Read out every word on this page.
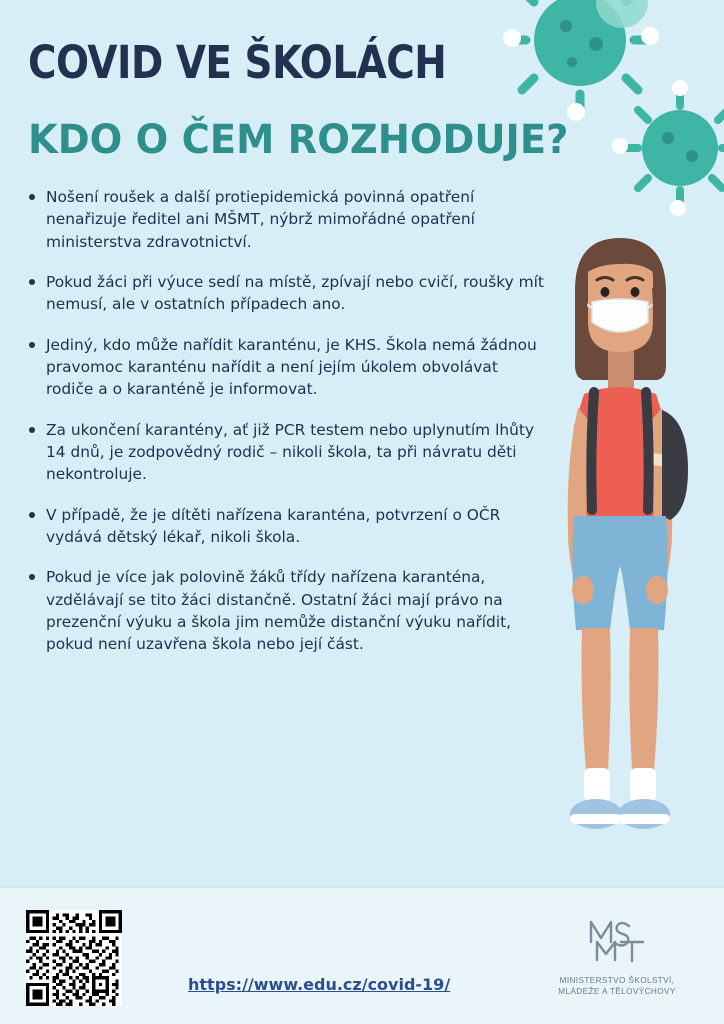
COVID VE ŠKOLÁCH
KDO O ČEM ROZHODUJE?
Nošení roušek a další protiepidemická povinná opatření nenařizuje ředitel ani MŠMT, nýbrž mimořádné opatření ministerstva zdravotnictví.
Pokud žáci při výuce sedí na místě, zpívají nebo cvičí, roušky mít nemusí, ale v ostatních případech ano.
Jediný, kdo může nařídit karanténu, je KHS. Škola nemá žádnou pravomoc karanténu nařídit a není jejím úkolem obvolávat rodiče a o karanténě je informovat.
Za ukončení karantény, ať již PCR testem nebo uplynutím lhůty 14 dnů, je zodpovědný rodič – nikoli škola, ta při návratu děti nekontroluje.
V případě, že je dítěti nařízena karanténa, potvrzení o OČR vydává dětský lékař, nikoli škola.
Pokud je více jak polovině žáků třídy nařízena karanténa, vzdělávají se tito žáci distančně. Ostatní žáci mají právo na prezenční výuku a škola jim nemůže distanční výuku nařídit, pokud není uzavřena škola nebo její část.
https://www.edu.cz/covid-19/	MINISTERSTVO ŠKOLSTVÍ,
MLÁDEŽE A TĚLOVÝCHOVY
